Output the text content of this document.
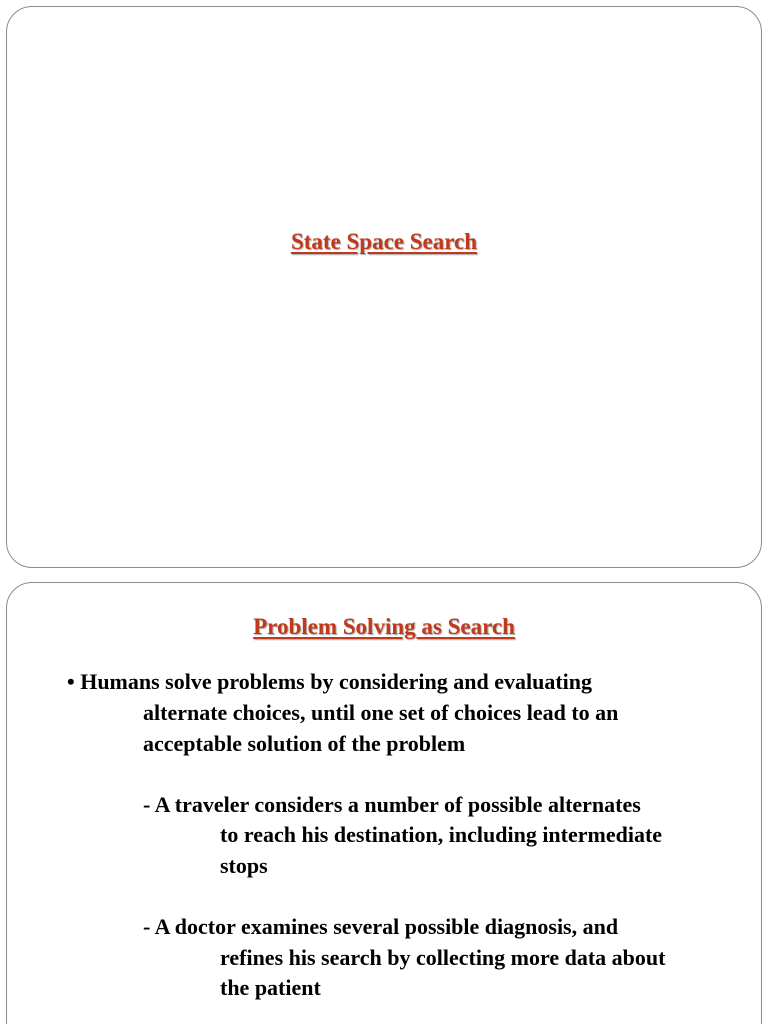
State Space Search
Problem Solving as Search
• Humans solve problems by considering and evaluating
alternate choices, until one set of choices lead to an
acceptable solution of the problem
- A traveler considers a number of possible alternates
to reach his destination, including intermediate
stops
- A doctor examines several possible diagnosis, and
refines his search by collecting more data about
the patient
